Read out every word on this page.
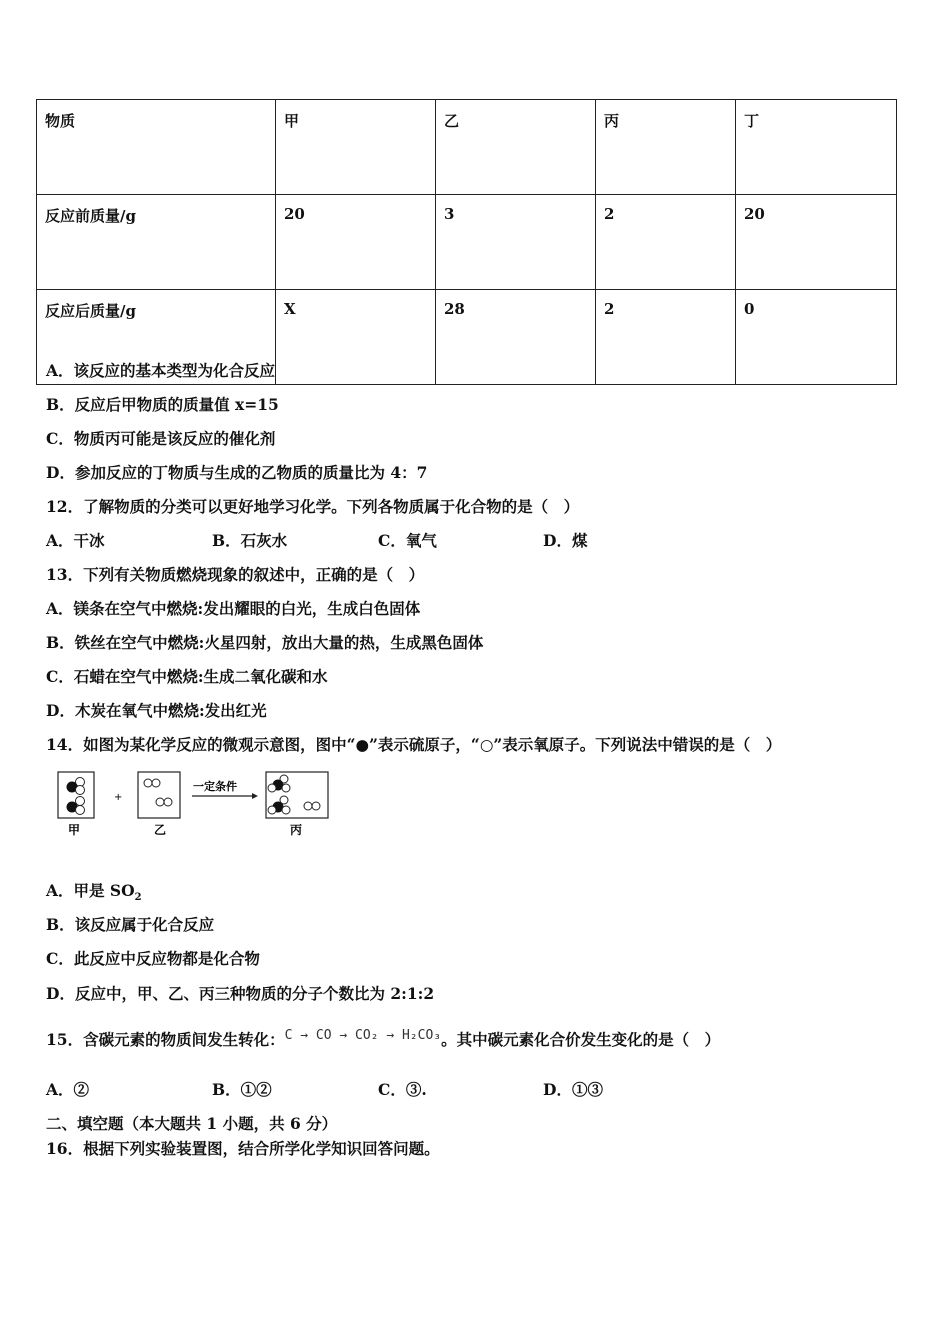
物质	甲	乙	丙	丁
反应前质量/g	20	3	2	20
反应后质量/g	X	28	2	0
A．该反应的基本类型为化合反应
B．反应后甲物质的质量值 x=15
C．物质丙可能是该反应的催化剂
D．参加反应的丁物质与生成的乙物质的质量比为 4：7
12．了解物质的分类可以更好地学习化学。下列各物质属于化合物的是（　）
A．干冰	B．石灰水	C．氧气	D．煤
13．下列有关物质燃烧现象的叙述中，正确的是（　）
A．镁条在空气中燃烧:发出耀眼的白光，生成白色固体
B．铁丝在空气中燃烧:火星四射，放出大量的热，生成黑色固体
C．石蜡在空气中燃烧:生成二氧化碳和水
D．木炭在氧气中燃烧:发出红光
14．如图为某化学反应的微观示意图，图中“●”表示硫原子，“○”表示氧原子。下列说法中错误的是（　）
甲
+
乙
一定条件
丙
A．甲是 $SO_2$
B．该反应属于化合反应
C．此反应中反应物都是化合物
D．反应中，甲、乙、丙三种物质的分子个数比为 2:1:2
15．含碳元素的物质间发生转化：$^{C \to CO \to CO_2 \to H_2CO_3}$。其中碳元素化合价发生变化的是（　）
A．②	B．①②	C．③.	D．①③
二、填空题（本大题共 1 小题，共 6 分）
16．根据下列实验装置图，结合所学化学知识回答问题。
